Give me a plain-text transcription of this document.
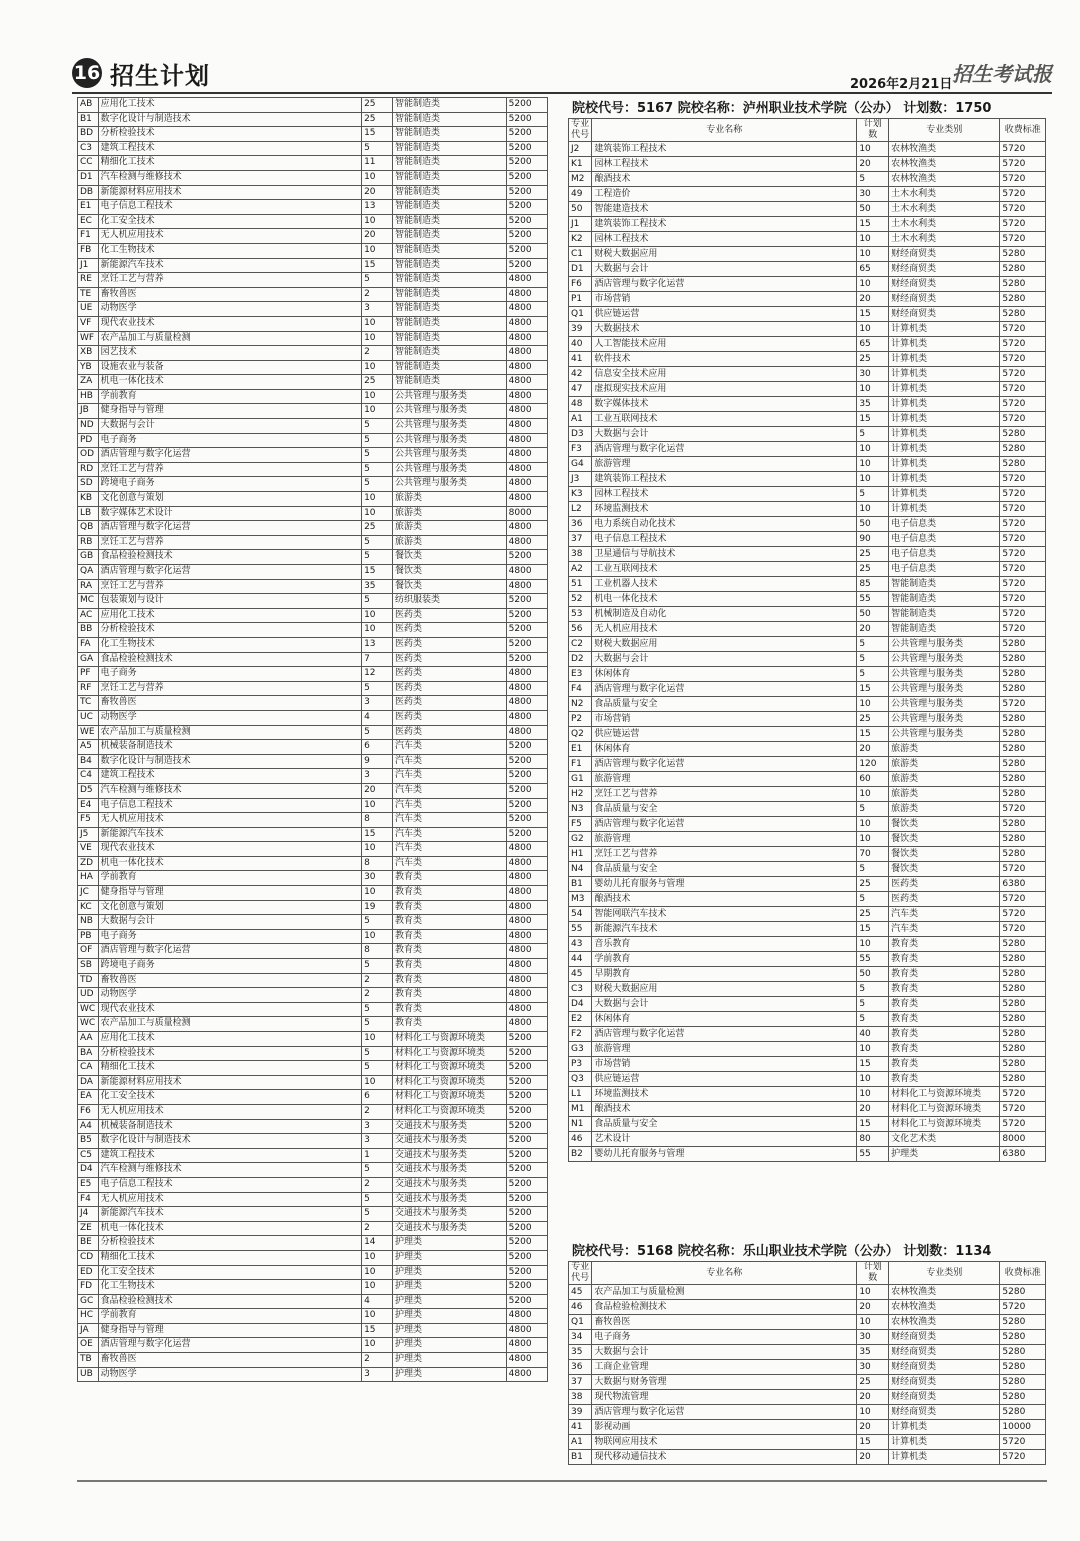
16 招生计划	2026年2月21日 招生考试报
AB	应用化工技术	25	智能制造类	5200
B1	数字化设计与制造技术	25	智能制造类	5200
BD	分析检验技术	15	智能制造类	5200
C3	建筑工程技术	5	智能制造类	5200
CC	精细化工技术	11	智能制造类	5200
D1	汽车检测与维修技术	10	智能制造类	5200
DB	新能源材料应用技术	20	智能制造类	5200
E1	电子信息工程技术	13	智能制造类	5200
EC	化工安全技术	10	智能制造类	5200
F1	无人机应用技术	20	智能制造类	5200
FB	化工生物技术	10	智能制造类	5200
J1	新能源汽车技术	15	智能制造类	5200
RE	烹饪工艺与营养	5	智能制造类	4800
TE	畜牧兽医	2	智能制造类	4800
UE	动物医学	3	智能制造类	4800
VF	现代农业技术	10	智能制造类	4800
WF	农产品加工与质量检测	10	智能制造类	4800
XB	园艺技术	2	智能制造类	4800
YB	设施农业与装备	10	智能制造类	4800
ZA	机电一体化技术	25	智能制造类	4800
HB	学前教育	10	公共管理与服务类	4800
JB	健身指导与管理	10	公共管理与服务类	4800
ND	大数据与会计	5	公共管理与服务类	4800
PD	电子商务	5	公共管理与服务类	4800
OD	酒店管理与数字化运营	5	公共管理与服务类	4800
RD	烹饪工艺与营养	5	公共管理与服务类	4800
SD	跨境电子商务	5	公共管理与服务类	4800
KB	文化创意与策划	10	旅游类	4800
LB	数字媒体艺术设计	10	旅游类	8000
QB	酒店管理与数字化运营	25	旅游类	4800
RB	烹饪工艺与营养	5	旅游类	4800
GB	食品检验检测技术	5	餐饮类	5200
QA	酒店管理与数字化运营	15	餐饮类	4800
RA	烹饪工艺与营养	35	餐饮类	4800
MC	包装策划与设计	5	纺织服装类	5200
AC	应用化工技术	10	医药类	5200
BB	分析检验技术	10	医药类	5200
FA	化工生物技术	13	医药类	5200
GA	食品检验检测技术	7	医药类	5200
PF	电子商务	12	医药类	4800
RF	烹饪工艺与营养	5	医药类	4800
TC	畜牧兽医	3	医药类	4800
UC	动物医学	4	医药类	4800
WE	农产品加工与质量检测	5	医药类	4800
A5	机械装备制造技术	6	汽车类	5200
B4	数字化设计与制造技术	9	汽车类	5200
C4	建筑工程技术	3	汽车类	5200
D5	汽车检测与维修技术	20	汽车类	5200
E4	电子信息工程技术	10	汽车类	5200
F5	无人机应用技术	8	汽车类	5200
J5	新能源汽车技术	15	汽车类	5200
VE	现代农业技术	10	汽车类	4800
ZD	机电一体化技术	8	汽车类	4800
HA	学前教育	30	教育类	4800
JC	健身指导与管理	10	教育类	4800
KC	文化创意与策划	19	教育类	4800
NB	大数据与会计	5	教育类	4800
PB	电子商务	10	教育类	4800
OF	酒店管理与数字化运营	8	教育类	4800
SB	跨境电子商务	5	教育类	4800
TD	畜牧兽医	2	教育类	4800
UD	动物医学	2	教育类	4800
WC	现代农业技术	5	教育类	4800
WC	农产品加工与质量检测	5	教育类	4800
AA	应用化工技术	10	材料化工与资源环境类	5200
BA	分析检验技术	5	材料化工与资源环境类	5200
CA	精细化工技术	5	材料化工与资源环境类	5200
DA	新能源材料应用技术	10	材料化工与资源环境类	5200
EA	化工安全技术	6	材料化工与资源环境类	5200
F6	无人机应用技术	2	材料化工与资源环境类	5200
A4	机械装备制造技术	3	交通技术与服务类	5200
B5	数字化设计与制造技术	3	交通技术与服务类	5200
C5	建筑工程技术	1	交通技术与服务类	5200
D4	汽车检测与维修技术	5	交通技术与服务类	5200
E5	电子信息工程技术	2	交通技术与服务类	5200
F4	无人机应用技术	5	交通技术与服务类	5200
J4	新能源汽车技术	5	交通技术与服务类	5200
ZE	机电一体化技术	2	交通技术与服务类	5200
BE	分析检验技术	14	护理类	5200
CD	精细化工技术	10	护理类	5200
ED	化工安全技术	10	护理类	5200
FD	化工生物技术	10	护理类	5200
GC	食品检验检测技术	4	护理类	5200
HC	学前教育	10	护理类	4800
JA	健身指导与管理	15	护理类	4800
OE	酒店管理与数字化运营	10	护理类	4800
TB	畜牧兽医	2	护理类	4800
UB	动物医学	3	护理类	4800
院校代号：5167 院校名称：泸州职业技术学院（公办） 计划数：1750
专业代号	专业名称	计划数	专业类别	收费标准
J2	建筑装饰工程技术	10	农林牧渔类	5720
K1	园林工程技术	20	农林牧渔类	5720
M2	酿酒技术	5	农林牧渔类	5720
49	工程造价	30	土木水利类	5720
50	智能建造技术	50	土木水利类	5720
J1	建筑装饰工程技术	15	土木水利类	5720
K2	园林工程技术	10	土木水利类	5720
C1	财税大数据应用	10	财经商贸类	5280
D1	大数据与会计	65	财经商贸类	5280
F6	酒店管理与数字化运营	10	财经商贸类	5280
P1	市场营销	20	财经商贸类	5280
Q1	供应链运营	15	财经商贸类	5280
39	大数据技术	10	计算机类	5720
40	人工智能技术应用	65	计算机类	5720
41	软件技术	25	计算机类	5720
42	信息安全技术应用	30	计算机类	5720
47	虚拟现实技术应用	10	计算机类	5720
48	数字媒体技术	35	计算机类	5720
A1	工业互联网技术	15	计算机类	5720
D3	大数据与会计	5	计算机类	5280
F3	酒店管理与数字化运营	10	计算机类	5280
G4	旅游管理	10	计算机类	5280
J3	建筑装饰工程技术	10	计算机类	5720
K3	园林工程技术	5	计算机类	5720
L2	环境监测技术	10	计算机类	5720
36	电力系统自动化技术	50	电子信息类	5720
37	电子信息工程技术	90	电子信息类	5720
38	卫星通信与导航技术	25	电子信息类	5720
A2	工业互联网技术	25	电子信息类	5720
51	工业机器人技术	85	智能制造类	5720
52	机电一体化技术	55	智能制造类	5720
53	机械制造及自动化	50	智能制造类	5720
56	无人机应用技术	20	智能制造类	5720
C2	财税大数据应用	5	公共管理与服务类	5280
D2	大数据与会计	5	公共管理与服务类	5280
E3	休闲体育	5	公共管理与服务类	5280
F4	酒店管理与数字化运营	15	公共管理与服务类	5280
N2	食品质量与安全	10	公共管理与服务类	5720
P2	市场营销	25	公共管理与服务类	5280
Q2	供应链运营	15	公共管理与服务类	5280
E1	休闲体育	20	旅游类	5280
F1	酒店管理与数字化运营	120	旅游类	5280
G1	旅游管理	60	旅游类	5280
H2	烹饪工艺与营养	10	旅游类	5280
N3	食品质量与安全	5	旅游类	5720
F5	酒店管理与数字化运营	10	餐饮类	5280
G2	旅游管理	10	餐饮类	5280
H1	烹饪工艺与营养	70	餐饮类	5280
N4	食品质量与安全	5	餐饮类	5720
B1	婴幼儿托育服务与管理	25	医药类	6380
M3	酿酒技术	5	医药类	5720
54	智能网联汽车技术	25	汽车类	5720
55	新能源汽车技术	15	汽车类	5720
43	音乐教育	10	教育类	5280
44	学前教育	55	教育类	5280
45	早期教育	50	教育类	5280
C3	财税大数据应用	5	教育类	5280
D4	大数据与会计	5	教育类	5280
E2	休闲体育	5	教育类	5280
F2	酒店管理与数字化运营	40	教育类	5280
G3	旅游管理	10	教育类	5280
P3	市场营销	15	教育类	5280
Q3	供应链运营	10	教育类	5280
L1	环境监测技术	10	材料化工与资源环境类	5720
M1	酿酒技术	20	材料化工与资源环境类	5720
N1	食品质量与安全	15	材料化工与资源环境类	5720
46	艺术设计	80	文化艺术类	8000
B2	婴幼儿托育服务与管理	55	护理类	6380
院校代号：5168 院校名称：乐山职业技术学院（公办） 计划数：1134
专业代号	专业名称	计划数	专业类别	收费标准
45	农产品加工与质量检测	10	农林牧渔类	5280
46	食品检验检测技术	20	农林牧渔类	5720
Q1	畜牧兽医	10	农林牧渔类	5280
34	电子商务	30	财经商贸类	5280
35	大数据与会计	35	财经商贸类	5280
36	工商企业管理	30	财经商贸类	5280
37	大数据与财务管理	25	财经商贸类	5280
38	现代物流管理	20	财经商贸类	5280
39	酒店管理与数字化运营	10	财经商贸类	5280
41	影视动画	20	计算机类	10000
A1	物联网应用技术	15	计算机类	5720
B1	现代移动通信技术	20	计算机类	5720
